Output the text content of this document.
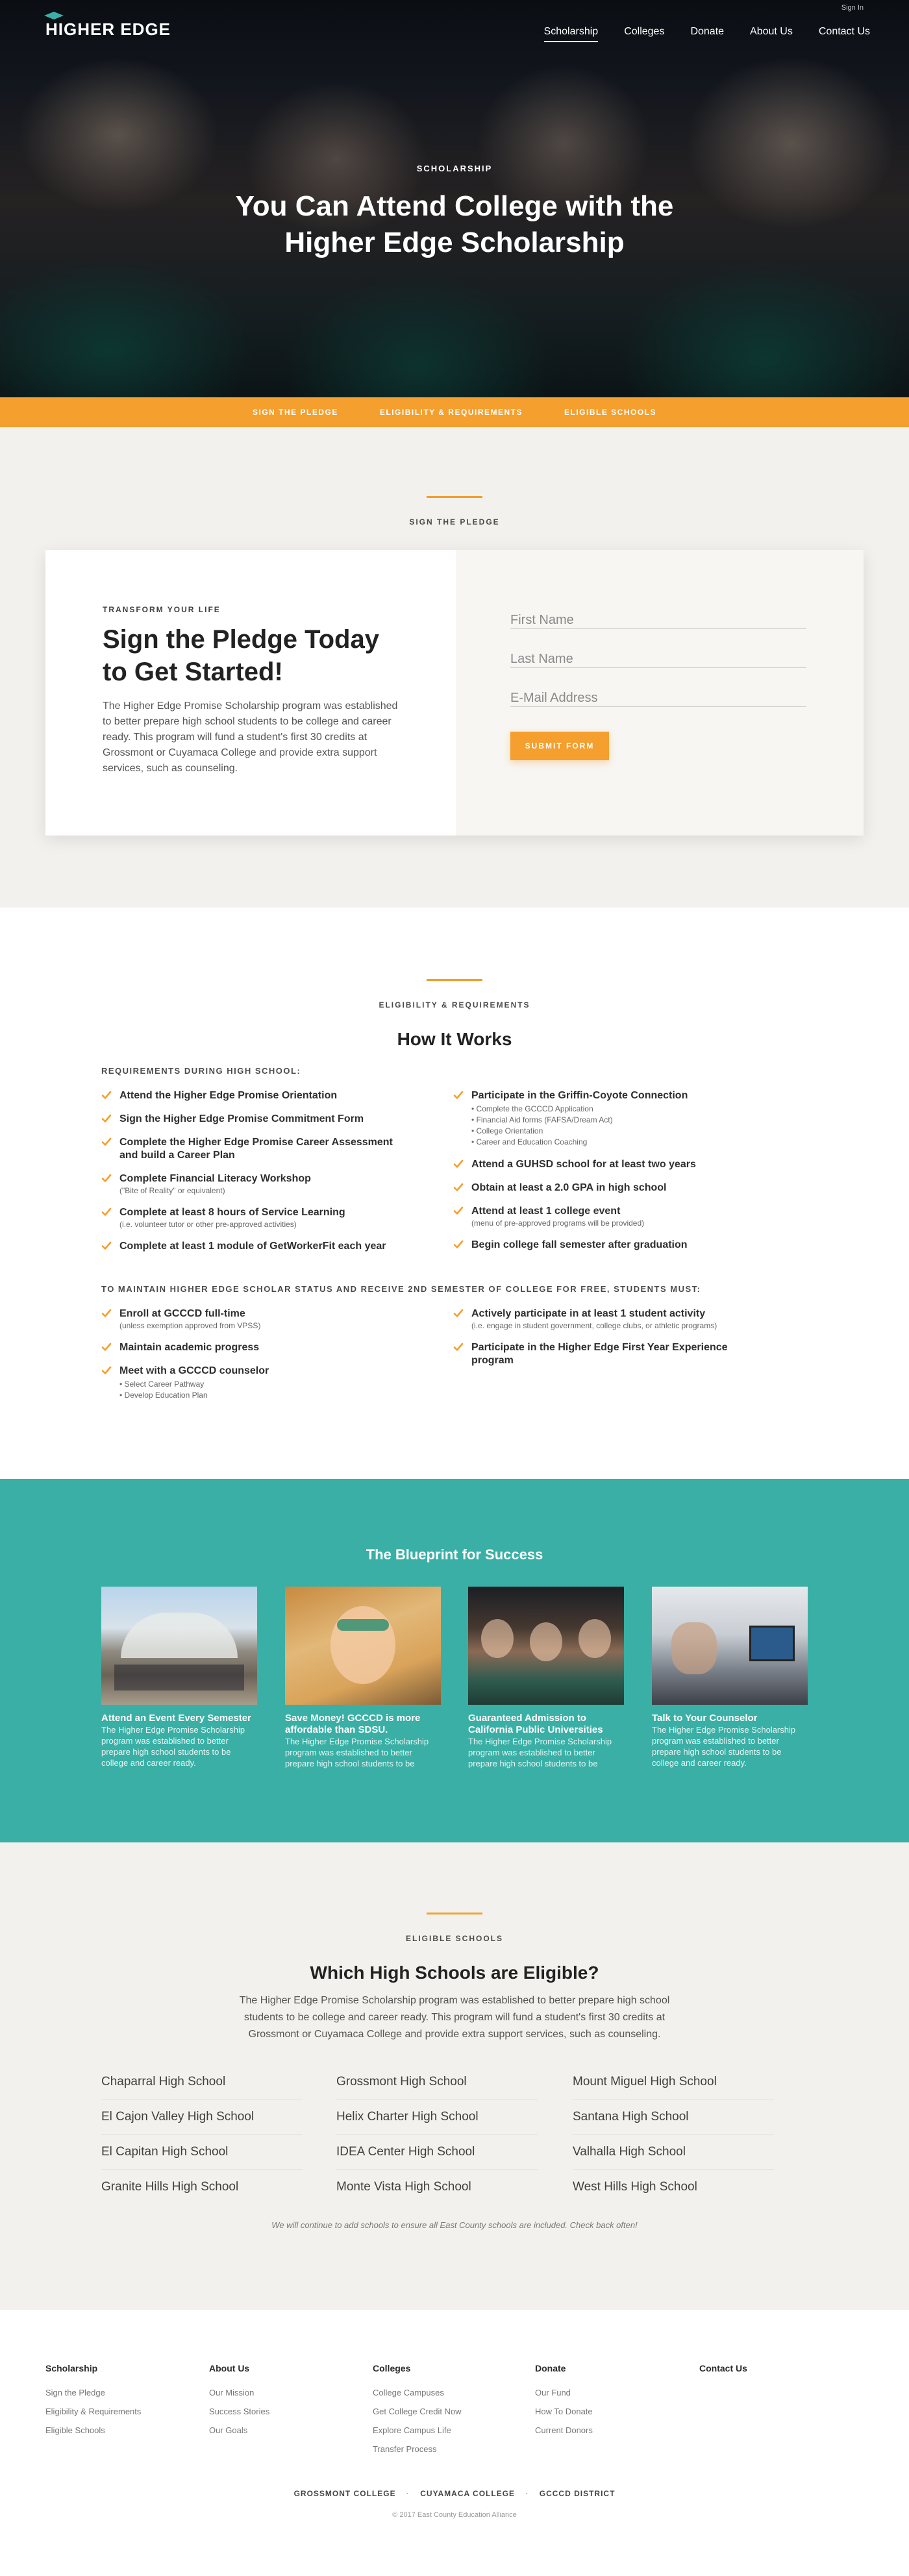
Sign In
HIGHER EDGE	Scholarship	Colleges	Donate	About Us	Contact Us
SCHOLARSHIP
You Can Attend College with the Higher Edge Scholarship
SIGN THE PLEDGE	ELIGIBILITY & REQUIREMENTS	ELIGIBLE SCHOOLS
SIGN THE PLEDGE
TRANSFORM YOUR LIFE
Sign the Pledge Today to Get Started!

The Higher Edge Promise Scholarship program was established to better prepare high school students to be college and career ready. This program will fund a student's first 30 credits at Grossmont or Cuyamaca College and provide extra support services, such as counseling.

First Name
Last Name
E-Mail Address SUBMIT FORM
ELIGIBILITY & REQUIREMENTS
How It Works
REQUIREMENTS DURING HIGH SCHOOL:
Attend the Higher Edge Promise Orientation
Sign the Higher Edge Promise Commitment Form
Complete the Higher Edge Promise Career Assessment and build a Career Plan
Complete Financial Literacy Workshop
("Bite of Reality" or equivalent)
Complete at least 8 hours of Service Learning
(i.e. volunteer tutor or other pre-approved activities)
Complete at least 1 module of GetWorkerFit each year
Participate in the Griffin-Coyote Connection
• Complete the GCCCD Application
• Financial Aid forms (FAFSA/Dream Act)
• College Orientation
• Career and Education Coaching
Attend a GUHSD school for at least two years
Obtain at least a 2.0 GPA in high school
Attend at least 1 college event
(menu of pre-approved programs will be provided)
Begin college fall semester after graduation
TO MAINTAIN HIGHER EDGE SCHOLAR STATUS AND RECEIVE 2ND SEMESTER OF COLLEGE FOR FREE, STUDENTS MUST:
Enroll at GCCCD full-time
(unless exemption approved from VPSS)
Maintain academic progress
Meet with a GCCCD counselor
• Select Career Pathway
• Develop Education Plan
Actively participate in at least 1 student activity
(i.e. engage in student government, college clubs, or athletic programs)
Participate in the Higher Edge First Year Experience program
The Blueprint for Success
Attend an Event Every Semester
The Higher Edge Promise Scholarship program was established to better prepare high school students to be college and career ready.
Save Money! GCCCD is more affordable than SDSU.
The Higher Edge Promise Scholarship program was established to better prepare high school students to be
Guaranteed Admission to California Public Universities
The Higher Edge Promise Scholarship program was established to better prepare high school students to be
Talk to Your Counselor
The Higher Edge Promise Scholarship program was established to better prepare high school students to be college and career ready.
ELIGIBLE SCHOOLS
Which High Schools are Eligible?

The Higher Edge Promise Scholarship program was established to better prepare high school students to be college and career ready. This program will fund a student's first 30 credits at Grossmont or Cuyamaca College and provide extra support services, such as counseling.

Chaparral High School
El Cajon Valley High School
El Capitan High School
Granite Hills High School
Grossmont High School
Helix Charter High School
IDEA Center High School
Monte Vista High School
Mount Miguel High School
Santana High School
Valhalla High School
West Hills High School
We will continue to add schools to ensure all East County schools are included. Check back often!
Scholarship
Sign the Pledge
Eligibility & Requirements
Eligible Schools
About Us
Our Mission
Success Stories
Our Goals
Colleges
College Campuses
Get College Credit Now
Explore Campus Life
Transfer Process
Donate
Our Fund
How To Donate
Current Donors
Contact Us
GROSSMONT COLLEGE · CUYAMACA COLLEGE · GCCCD DISTRICT
© 2017 East County Education Alliance
